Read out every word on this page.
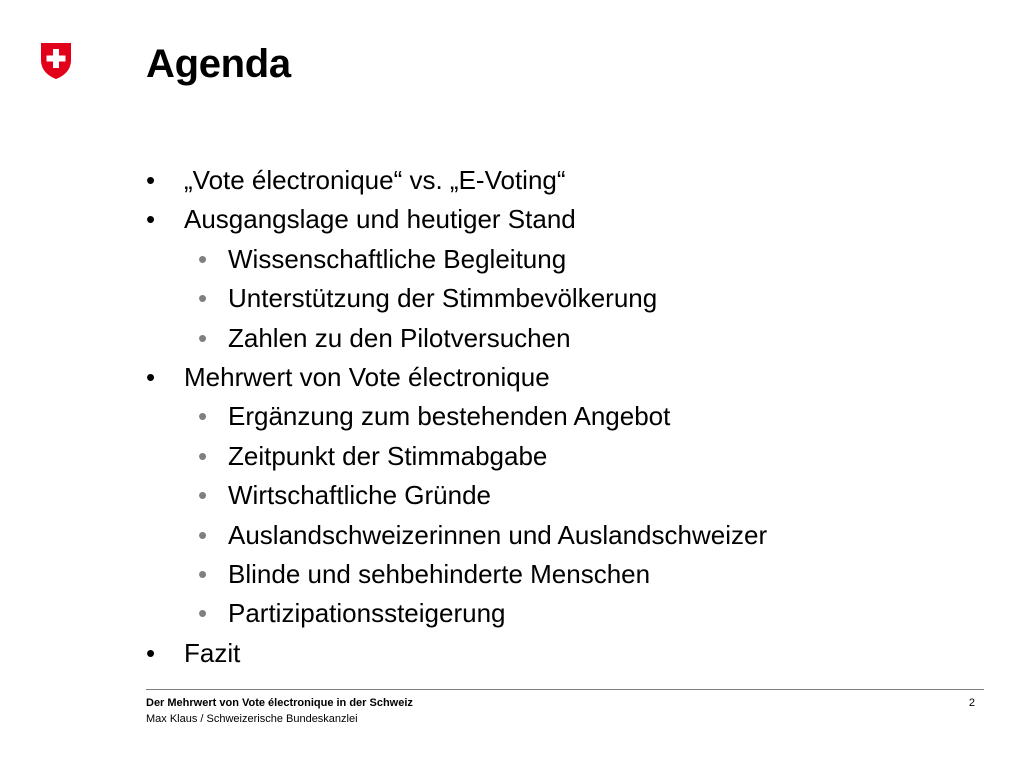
Agenda
• „Vote électronique“ vs. „E-Voting“
• Ausgangslage und heutiger Stand
• Wissenschaftliche Begleitung
• Unterstützung der Stimmbevölkerung
• Zahlen zu den Pilotversuchen
• Mehrwert von Vote électronique
• Ergänzung zum bestehenden Angebot
• Zeitpunkt der Stimmabgabe
• Wirtschaftliche Gründe
• Auslandschweizerinnen und Auslandschweizer
• Blinde und sehbehinderte Menschen
• Partizipationssteigerung
• Fazit
Der Mehrwert von Vote électronique in der Schweiz
Max Klaus / Schweizerische Bundeskanzlei
2
